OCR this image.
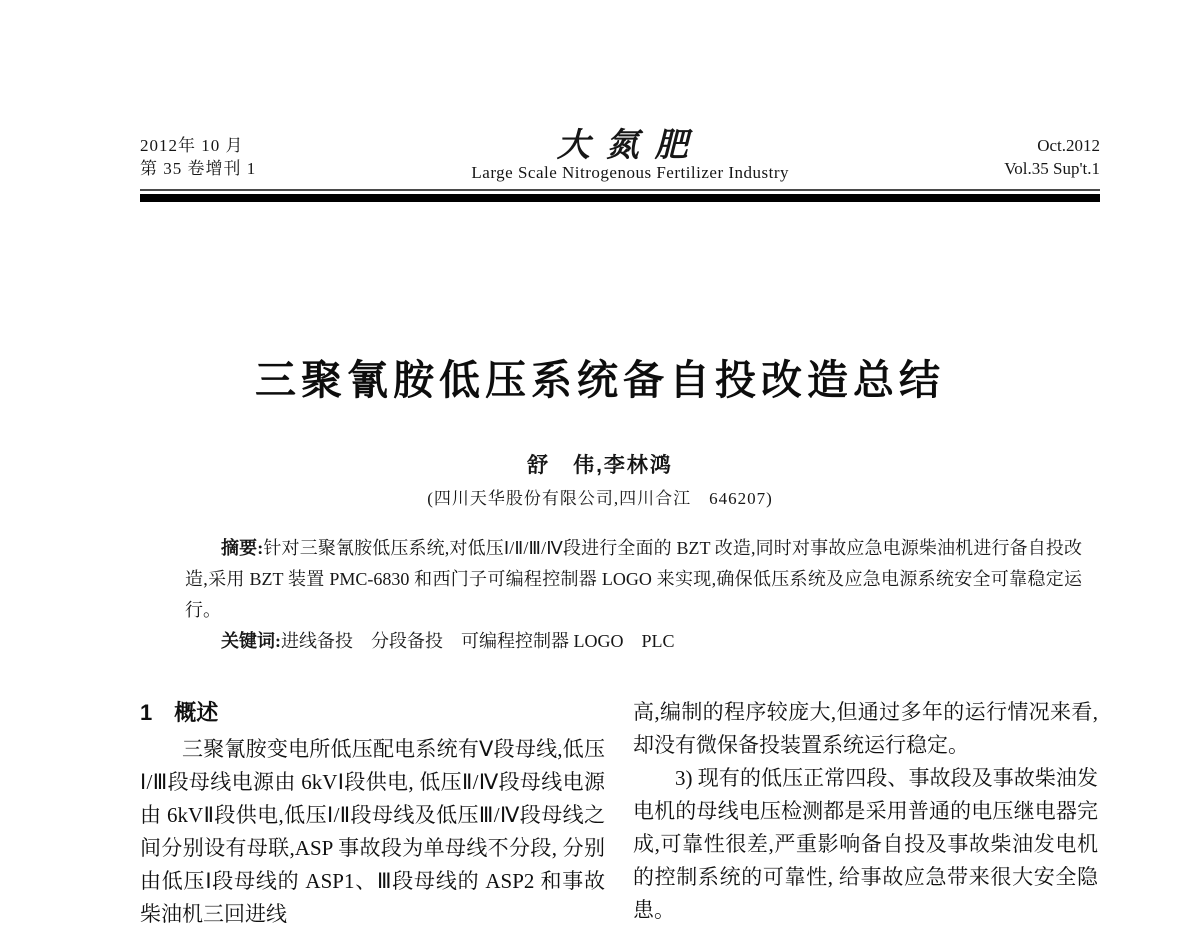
2012年 10 月
第 35 卷增刊 1
大氮肥
Large Scale Nitrogenous Fertilizer Industry
Oct.2012
Vol.35 Sup't.1
三聚氰胺低压系统备自投改造总结
舒　伟,李林鸿
(四川天华股份有限公司,四川合江　646207)

摘要:针对三聚氰胺低压系统,对低压Ⅰ/Ⅱ/Ⅲ/Ⅳ段进行全面的 BZT 改造,同时对事故应急电源柴油机进行备自投改造,采用 BZT 装置 PMC-6830 和西门子可编程控制器 LOGO 来实现,确保低压系统及应急电源系统安全可靠稳定运行。

关键词:进线备投　分段备投　可编程控制器 LOGO　PLC

1　概述

三聚氰胺变电所低压配电系统有Ⅴ段母线,低压Ⅰ/Ⅲ段母线电源由 6kVⅠ段供电, 低压Ⅱ/Ⅳ段母线电源由 6kVⅡ段供电,低压Ⅰ/Ⅱ段母线及低压Ⅲ/Ⅳ段母线之间分别设有母联,ASP 事故段为单母线不分段, 分别由低压Ⅰ段母线的 ASP1、Ⅲ段母线的 ASP2 和事故柴油机三回进线

高,编制的程序较庞大,但通过多年的运行情况来看,却没有微保备投装置系统运行稳定。

3) 现有的低压正常四段、事故段及事故柴油发电机的母线电压检测都是采用普通的电压继电器完成,可靠性很差,严重影响备自投及事故柴油发电机的控制系统的可靠性, 给事故应急带来很大安全隐患。
